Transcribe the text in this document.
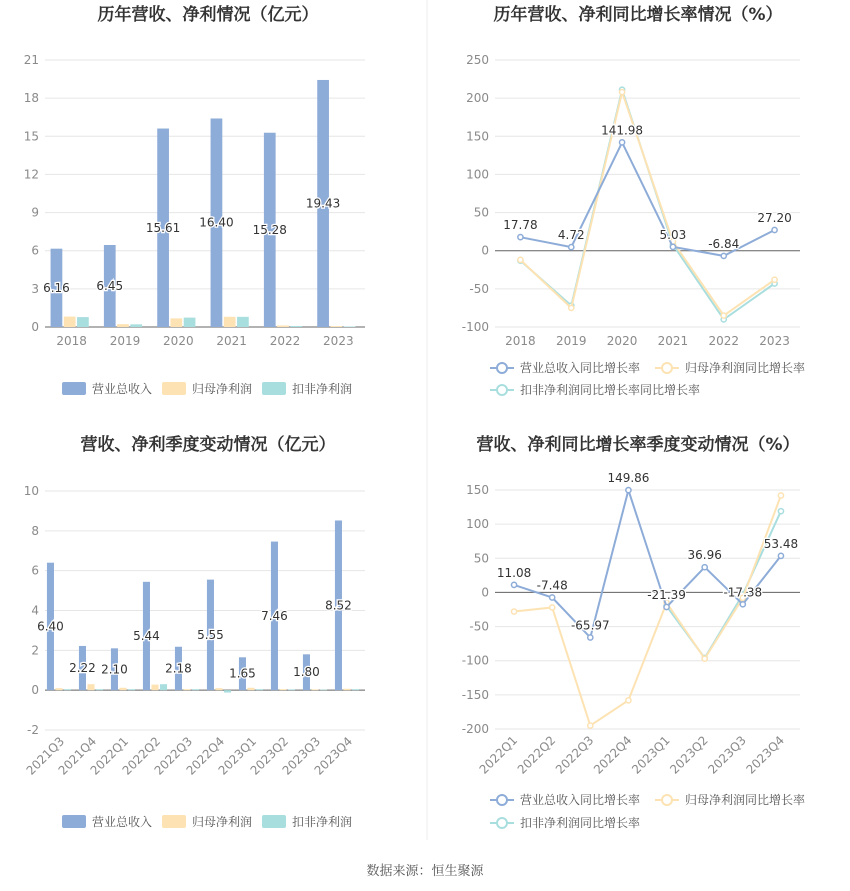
历年营收、净利情况（亿元）
0
3
6
9
12
15
18
21
2018 2019 2020 2021 2022 2023
6.16 6.45
15.61 16.40
15.28
19.43
营业总收入	归母净利润	扣非净利润
历年营收、净利同比增长率情况（%）
-100
-50
0
50
100
150
200
250
2018 2019 2020 2021 2022 2023
17.78
4.72
141.98
5.03
-6.84
27.20
营业总收入同比增长率	归母净利润同比增长率
扣非净利润同比增长率同比增长率
营收、净利季度变动情况（亿元）
-2
0
2
4
6
8
10
2021Q3
2021Q4
2022Q1
2022Q2
2022Q3
2022Q4
2023Q1
2023Q2
2023Q3
2023Q4
6.40
2.22 2.10
5.44
2.18
5.55
1.65
7.46
1.80
8.52
营业总收入	归母净利润	扣非净利润
营收、净利同比增长率季度变动情况（%）
-200
-150
-100
-50
0
50
100
150
2022Q1
2022Q2
2022Q3
2022Q4
2023Q1
2023Q2
2023Q3
2023Q4
11.08
-7.48
-65.97
149.86
-21.39
36.96
-17.38
53.48
营业总收入同比增长率	归母净利润同比增长率
扣非净利润同比增长率
数据来源：恒生聚源
